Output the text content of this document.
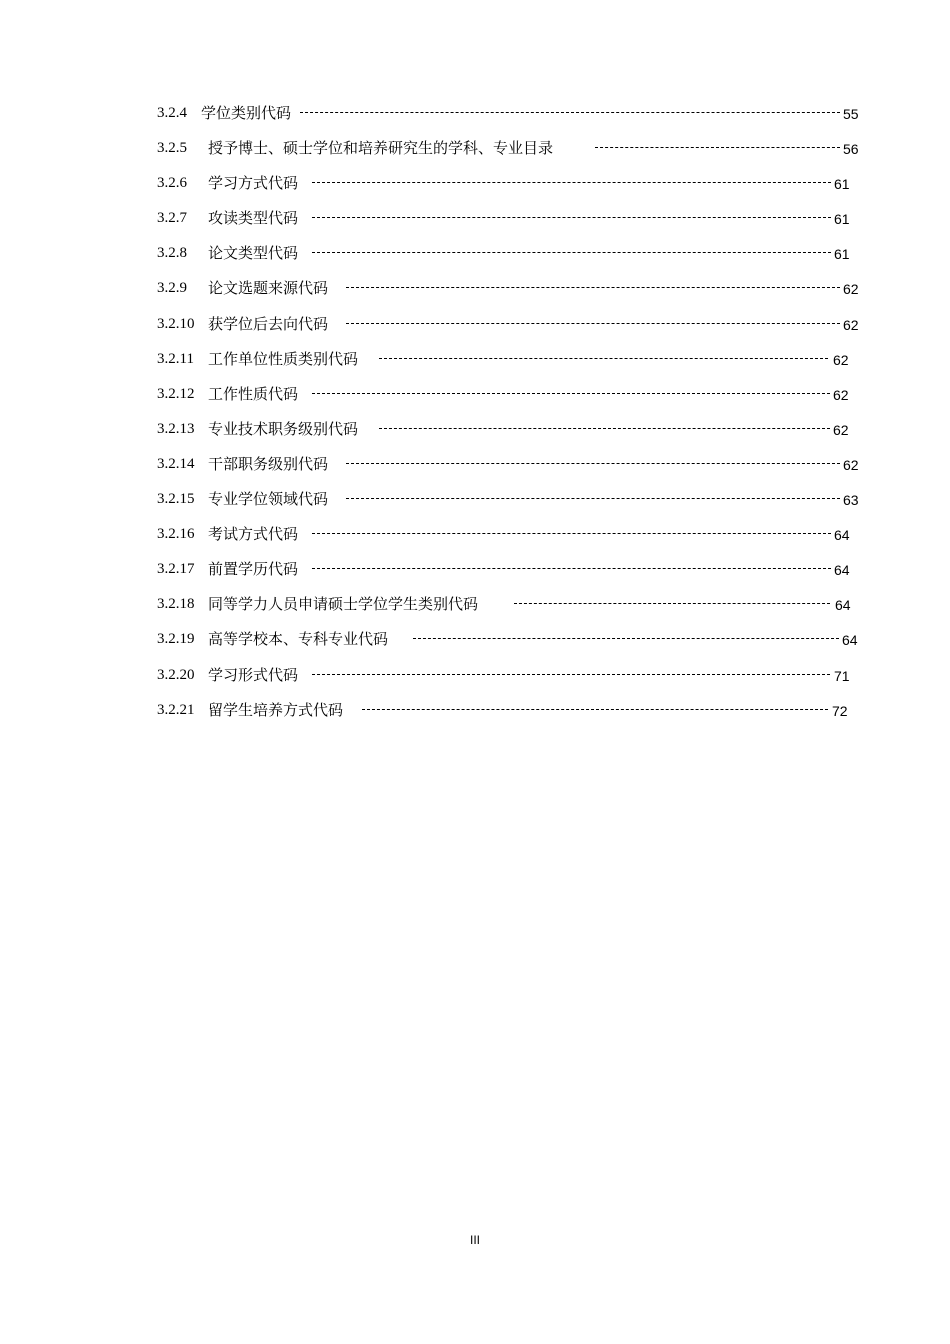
3.2.4 学位类别代码	55
3.2.5 授予博士、硕士学位和培养研究生的学科、专业目录	56
3.2.6 学习方式代码	61
3.2.7 攻读类型代码	61
3.2.8 论文类型代码	61
3.2.9 论文选题来源代码	62
3.2.10 获学位后去向代码	62
3.2.11 工作单位性质类别代码	62
3.2.12 工作性质代码	62
3.2.13 专业技术职务级别代码	62
3.2.14 干部职务级别代码	62
3.2.15 专业学位领域代码	63
3.2.16 考试方式代码	64
3.2.17 前置学历代码	64
3.2.18 同等学力人员申请硕士学位学生类别代码	64
3.2.19 高等学校本、专科专业代码	64
3.2.20 学习形式代码	71
3.2.21 留学生培养方式代码	72
III
